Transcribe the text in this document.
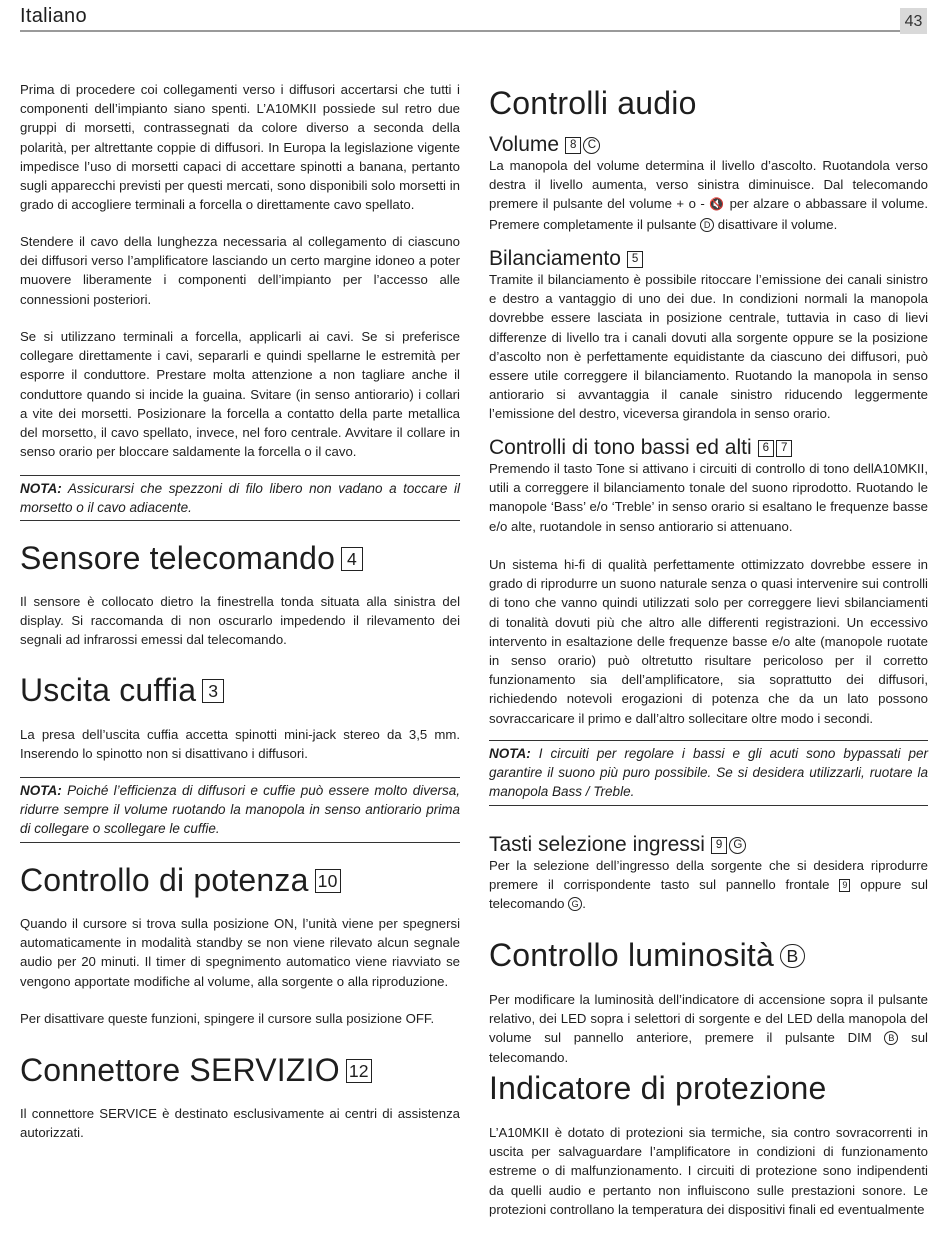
Italiano	43

Prima di procedere coi collegamenti verso i diffusori accertarsi che tutti i componenti dell’impianto siano spenti. L’A10MKII possiede sul retro due gruppi di morsetti, contrassegnati da colore diverso a seconda della polarità, per altrettante coppie di diffusori. In Europa la legislazione vigente impedisce l’uso di morsetti capaci di accettare spinotti a banana, pertanto sugli apparecchi previsti per questi mercati, sono disponibili solo morsetti in grado di accogliere terminali a forcella o direttamente cavo spellato.

Stendere il cavo della lunghezza necessaria al collegamento di ciascuno dei diffusori verso l’amplificatore lasciando un certo margine idoneo a poter muovere liberamente i componenti dell’impianto per l’accesso alle connessioni posteriori.

Se si utilizzano terminali a forcella, applicarli ai cavi. Se si preferisce collegare direttamente i cavi, separarli e quindi spellarne le estremità per esporre il conduttore. Prestare molta attenzione a non tagliare anche il conduttore quando si incide la guaina. Svitare (in senso antiorario) i collari a vite dei morsetti. Posizionare la forcella a contatto della parte metallica del morsetto, il cavo spellato, invece, nel foro centrale. Avvitare il collare in senso orario per bloccare saldamente la forcella o il cavo.

NOTA: Assicurarsi che spezzoni di filo libero non vadano a toccare il morsetto o il cavo adiacente.
Sensore telecomando 4

Il sensore è collocato dietro la finestrella tonda situata alla sinistra del display. Si raccomanda di non oscurarlo impedendo il rilevamento dei segnali ad infrarossi emessi dal telecomando.

Uscita cuffia 3

La presa dell’uscita cuffia accetta spinotti mini-jack stereo da 3,5 mm. Inserendo lo spinotto non si disattivano i diffusori.

NOTA: Poiché l’efficienza di diffusori e cuffie può essere molto diversa, ridurre sempre il volume ruotando la manopola in senso antiorario prima di collegare o scollegare le cuffie.
Controllo di potenza 10

Quando il cursore si trova sulla posizione ON, l’unità viene per spegnersi automaticamente in modalità standby se non viene rilevato alcun segnale audio per 20 minuti. Il timer di spegnimento automatico viene riavviato se vengono apportate modifiche al volume, alla sorgente o alla riproduzione.

Per disattivare queste funzioni, spingere il cursore sulla posizione OFF.

Connettore SERVIZIO 12

Il connettore SERVICE è destinato esclusivamente ai centri di assistenza autorizzati.

Controlli audio
Volume 8 C

La manopola del volume determina il livello d’ascolto. Ruotandola verso destra il livello aumenta, verso sinistra diminuisce. Dal telecomando premere il pulsante del volume + o - 🔇 per alzare o abbassare il volume. Premere completamente il pulsante D disattivare il volume.

Bilanciamento 5

Tramite il bilanciamento è possibile ritoccare l’emissione dei canali sinistro e destro a vantaggio di uno dei due. In condizioni normali la manopola dovrebbe essere lasciata in posizione centrale, tuttavia in caso di lievi differenze di livello tra i canali dovuti alla sorgente oppure se la posizione d’ascolto non è perfettamente equidistante da ciascuno dei diffusori, può essere utile correggere il bilanciamento. Ruotando la manopola in senso antiorario si avvantaggia il canale sinistro riducendo leggermente l’emissione del destro, viceversa girandola in senso orario.

Controlli di tono bassi ed alti 6 7

Premendo il tasto Tone si attivano i circuiti di controllo di tono dellA10MKII, utili a correggere il bilanciamento tonale del suono riprodotto. Ruotando le manopole ‘Bass’ e/o ‘Treble’ in senso orario si esaltano le frequenze basse e/o alte, ruotandole in senso antiorario si attenuano.

Un sistema hi-fi di qualità perfettamente ottimizzato dovrebbe essere in grado di riprodurre un suono naturale senza o quasi intervenire sui controlli di tono che vanno quindi utilizzati solo per correggere lievi sbilanciamenti di tonalità dovuti più che altro alle differenti registrazioni. Un eccessivo intervento in esaltazione delle frequenze basse e/o alte (manopole ruotate in senso orario) può oltretutto risultare pericoloso per il corretto funzionamento sia dell’amplificatore, sia soprattutto dei diffusori, richiedendo notevoli erogazioni di potenza che da un lato possono sovraccaricare il primo e dall’altro sollecitare oltre modo i secondi.

NOTA: I circuiti per regolare i bassi e gli acuti sono bypassati per garantire il suono più puro possibile. Se si desidera utilizzarli, ruotare la manopola Bass / Treble.
Tasti selezione ingressi 9 G

Per la selezione dell’ingresso della sorgente che si desidera riprodurre premere il corrispondente tasto sul pannello frontale 9 oppure sul telecomando G .

Controllo luminosità B

Per modificare la luminosità dell’indicatore di accensione sopra il pulsante relativo, dei LED sopra i selettori di sorgente e del LED della manopola del volume sul pannello anteriore, premere il pulsante DIM B sul telecomando.

Indicatore di protezione

L’A10MKII è dotato di protezioni sia termiche, sia contro sovracorrenti in uscita per salvaguardare l’amplificatore in condizioni di funzionamento estreme o di malfunzionamento. I circuiti di protezione sono indipendenti da quelli audio e pertanto non influiscono sulle prestazioni sonore. Le protezioni controllano la temperatura dei dispositivi finali ed eventualmente
